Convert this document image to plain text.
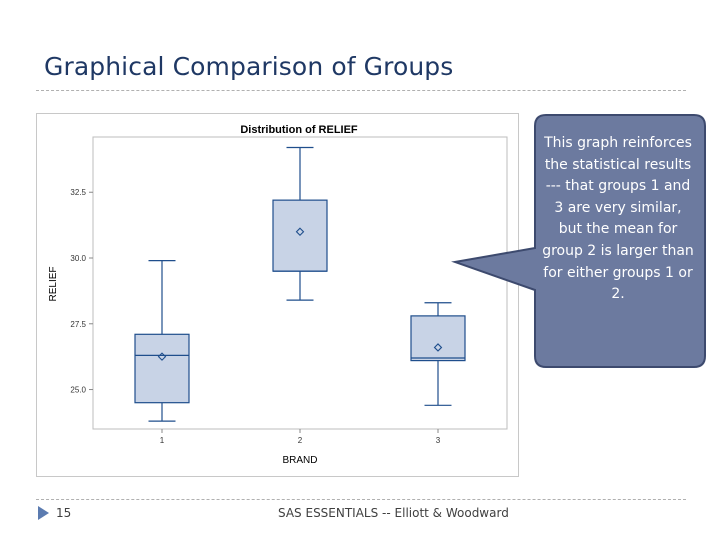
Graphical Comparison of Groups
Distribution of RELIEF
RELIEF
BRAND
25.0
27.5
30.0
32.5
1	2	3
This graph reinforces the statistical results --- that groups 1 and 3 are very similar, but the mean for group 2 is larger than for either groups 1 or 2.
15	SAS ESSENTIALS -- Elliott & Woodward
